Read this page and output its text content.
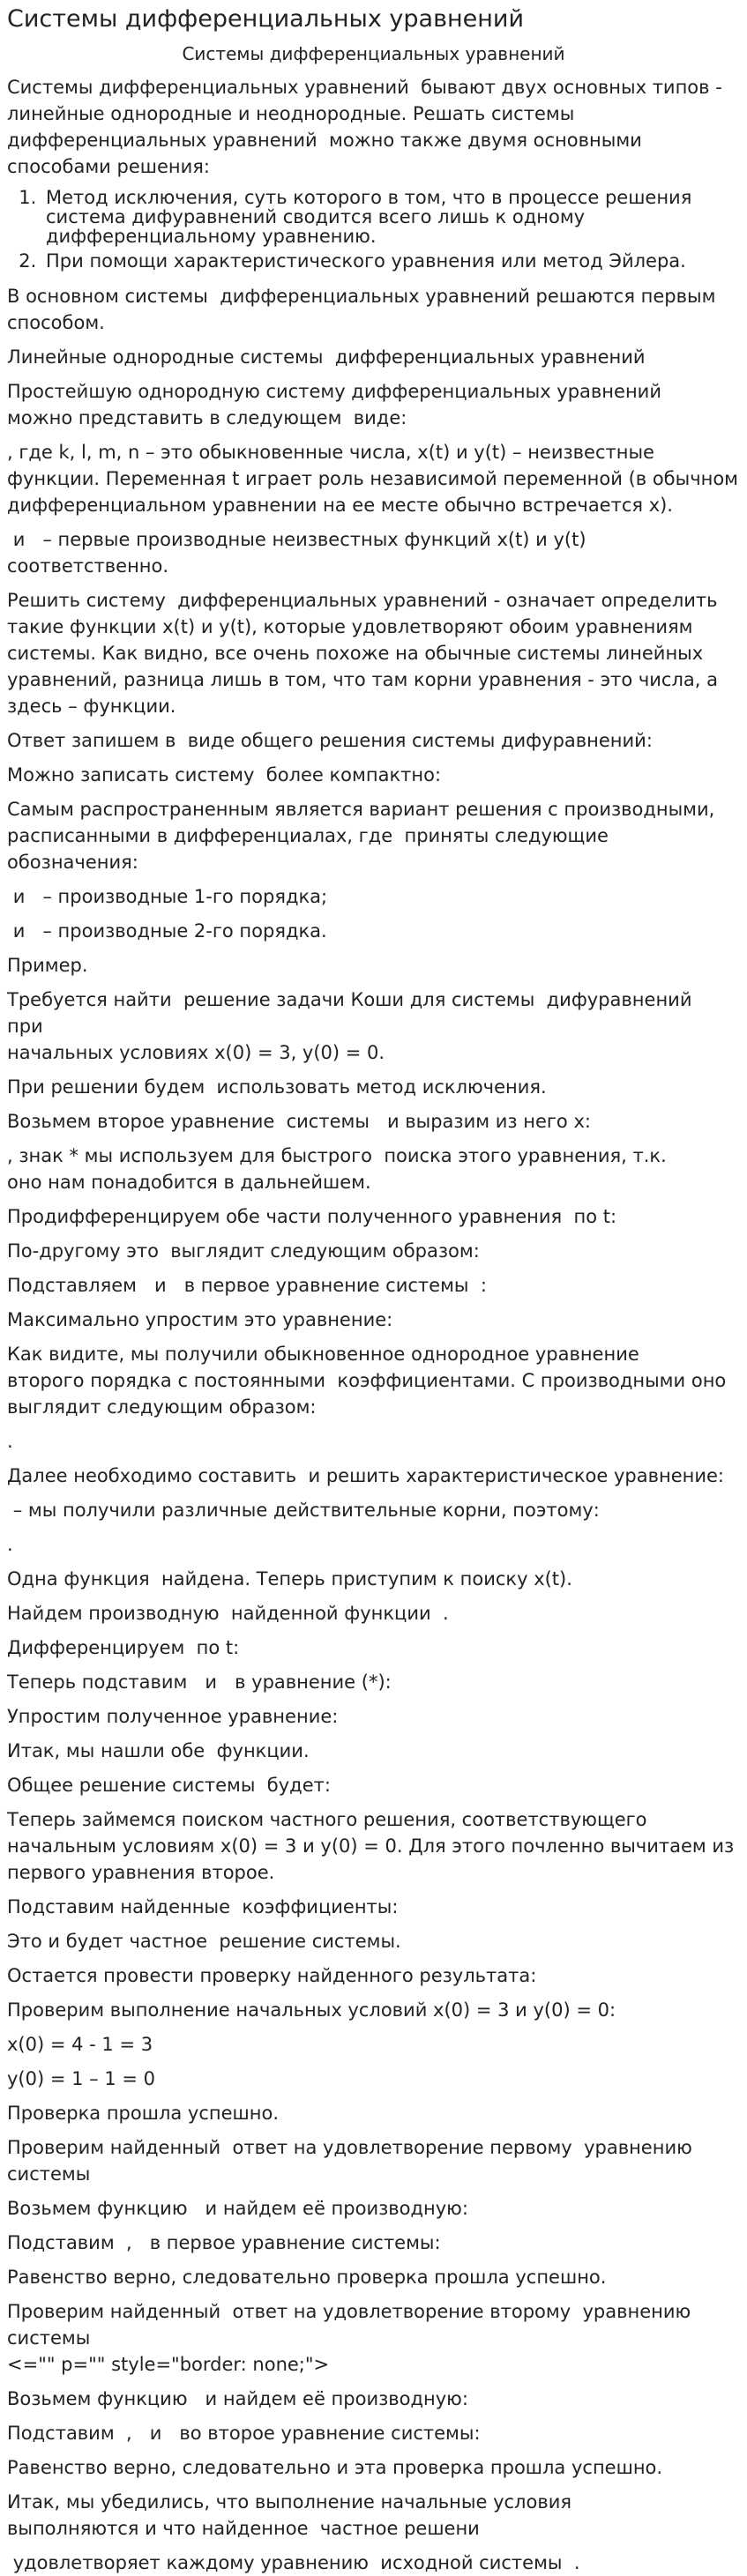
Системы дифференциальных уравнений
Системы дифференциальных уравнений

Системы дифференциальных уравнений  бывают двух основных типов - линейные однородные и неоднородные. Решать системы дифференциальных уравнений  можно также двумя основными  способами решения:

1. Метод исключения, суть которого в том, что в процессе решения система дифуравнений сводится всего лишь к одному дифференциальному уравнению.
2. При помощи характеристического уравнения или метод Эйлера.

В основном системы  дифференциальных уравнений решаются первым способом.

Линейные однородные системы  дифференциальных уравнений

Простейшую однородную систему дифференциальных уравнений
можно представить в следующем  виде:

, где k, l, m, n – это обыкновенные числа, x(t) и y(t) – неизвестные функции. Переменная t играет роль независимой переменной (в обычном дифференциальном уравнении на ее месте обычно встречается x).

и   – первые производные неизвестных функций x(t) и y(t) соответственно.

Решить систему  дифференциальных уравнений - означает определить
такие функции x(t) и y(t), которые удовлетворяют обоим уравнениям системы. Как видно, все очень похоже на обычные системы линейных уравнений, разница лишь в том, что там корни уравнения - это числа, а здесь – функции.

Ответ запишем в  виде общего решения системы дифуравнений:

Можно записать систему  более компактно:

Самым распространенным является вариант решения с производными,
расписанными в дифференциалах, где  приняты следующие обозначения:

и   – производные 1-го порядка;

и   – производные 2-го порядка.

Пример.

Требуется найти  решение задачи Коши для системы  дифуравнений   при
начальных условиях x(0) = 3, y(0) = 0.

При решении будем  использовать метод исключения.

Возьмем второе уравнение  системы   и выразим из него x:

, знак * мы используем для быстрого  поиска этого уравнения, т.к.
оно нам понадобится в дальнейшем.

Продифференцируем обе части полученного уравнения  по t:

По-другому это  выглядит следующим образом:

Подставляем   и   в первое уравнение системы  :

Максимально упростим это уравнение:

Как видите, мы получили обыкновенное однородное уравнение
второго порядка с постоянными  коэффициентами. С производными оно выглядит следующим образом:

.

Далее необходимо составить  и решить характеристическое уравнение:

– мы получили различные действительные корни, поэтому:

.

Одна функция  найдена. Теперь приступим к поиску x(t).

Найдем производную  найденной функции  .

Дифференцируем  по t:

Теперь подставим   и   в уравнение (*):

Упростим полученное уравнение:

Итак, мы нашли обе  функции.

Общее решение системы  будет:

Теперь займемся поиском частного решения, соответствующего
начальным условиям x(0) = 3 и y(0) = 0. Для этого почленно вычитаем из первого уравнения второе.

Подставим найденные  коэффициенты:

Это и будет частное  решение системы.

Остается провести проверку найденного результата:

Проверим выполнение начальных условий x(0) = 3 и y(0) = 0:

x(0) = 4 - 1 = 3

y(0) = 1 – 1 = 0

Проверка прошла успешно.

Проверим найденный  ответ на удовлетворение первому  уравнению системы

Возьмем функцию   и найдем её производную:

Подставим  ,   в первое уравнение системы:

Равенство верно, следовательно проверка прошла успешно.

Проверим найденный  ответ на удовлетворение второму  уравнению системы
<="" p="" style="border: none;">

Возьмем функцию   и найдем её производную:

Подставим  ,   и   во второе уравнение системы:

Равенство верно, следовательно и эта проверка прошла успешно.

Итак, мы убедились, что выполнение начальные условия
выполняются и что найденное  частное решени

удовлетворяет каждому уравнению  исходной системы  .
